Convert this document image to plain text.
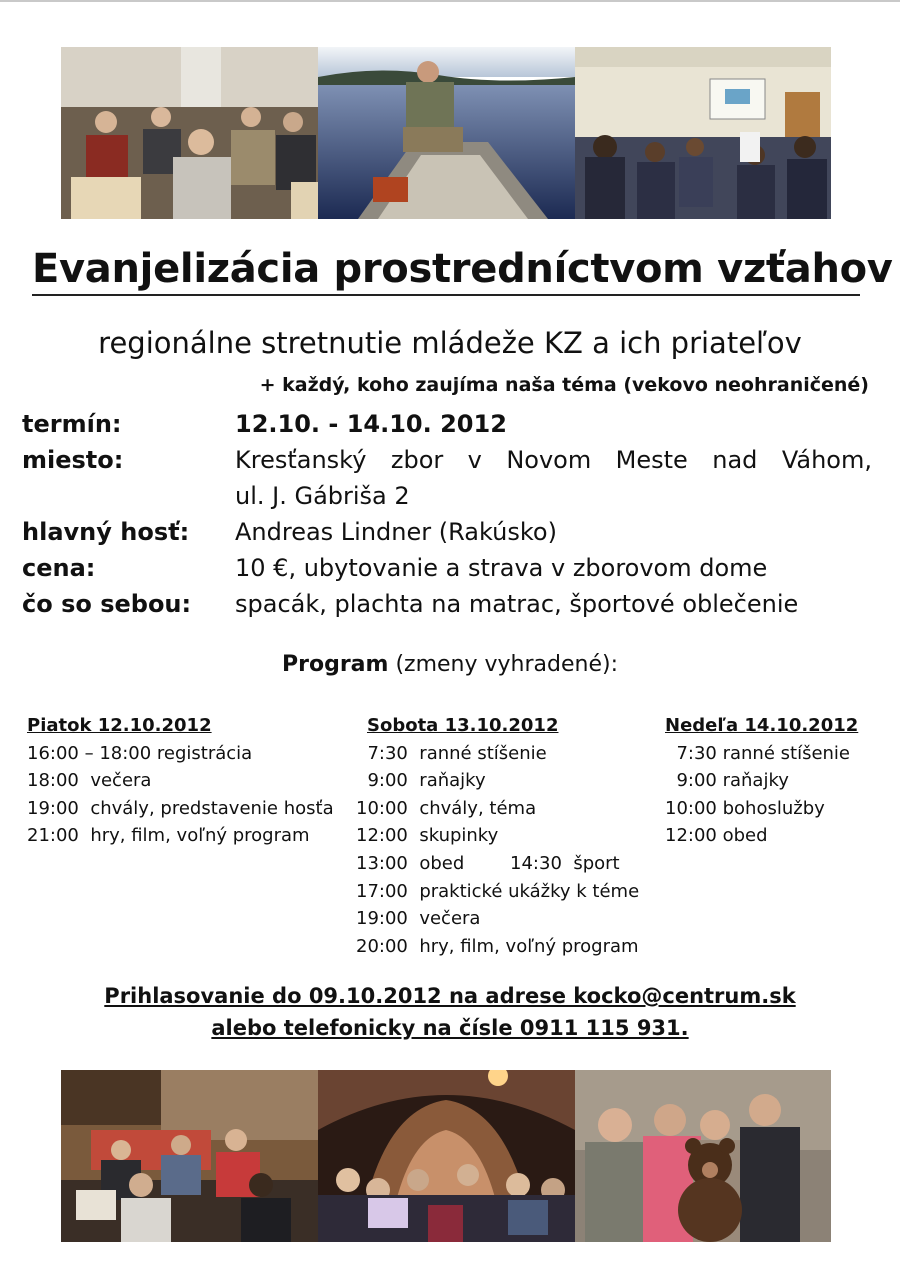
Evanjelizácia prostredníctvom vzťahov
regionálne stretnutie mládeže KZ a ich priateľov
+ každý, koho zaujíma naša téma (vekovo neohraničené)
termín:	12.10. - 14.10. 2012
miesto:	Kresťanský zbor v Novom Meste nad Váhom,
ul. J. Gábriša 2
hlavný hosť:	Andreas Lindner (Rakúsko)
cena:	10 €, ubytovanie a strava v zborovom dome
čo so sebou:	spacák, plachta na matrac, športové oblečenie
Program (zmeny vyhradené):
Piatok 12.10.2012
16:00 – 18:00 registrácia
18:00  večera
19:00  chvály, predstavenie hosťa
21:00  hry, film, voľný program
Sobota 13.10.2012
7:30  ranné stíšenie
9:00  raňajky
10:00  chvály, téma
12:00  skupinky
13:00  obed        14:30  šport
17:00  praktické ukážky k téme
19:00  večera
20:00  hry, film, voľný program
Nedeľa 14.10.2012
7:30 ranné stíšenie
9:00 raňajky
10:00 bohoslužby
12:00 obed
Prihlasovanie do 09.10.2012 na adrese kocko@centrum.sk
alebo telefonicky na čísle 0911 115 931.
